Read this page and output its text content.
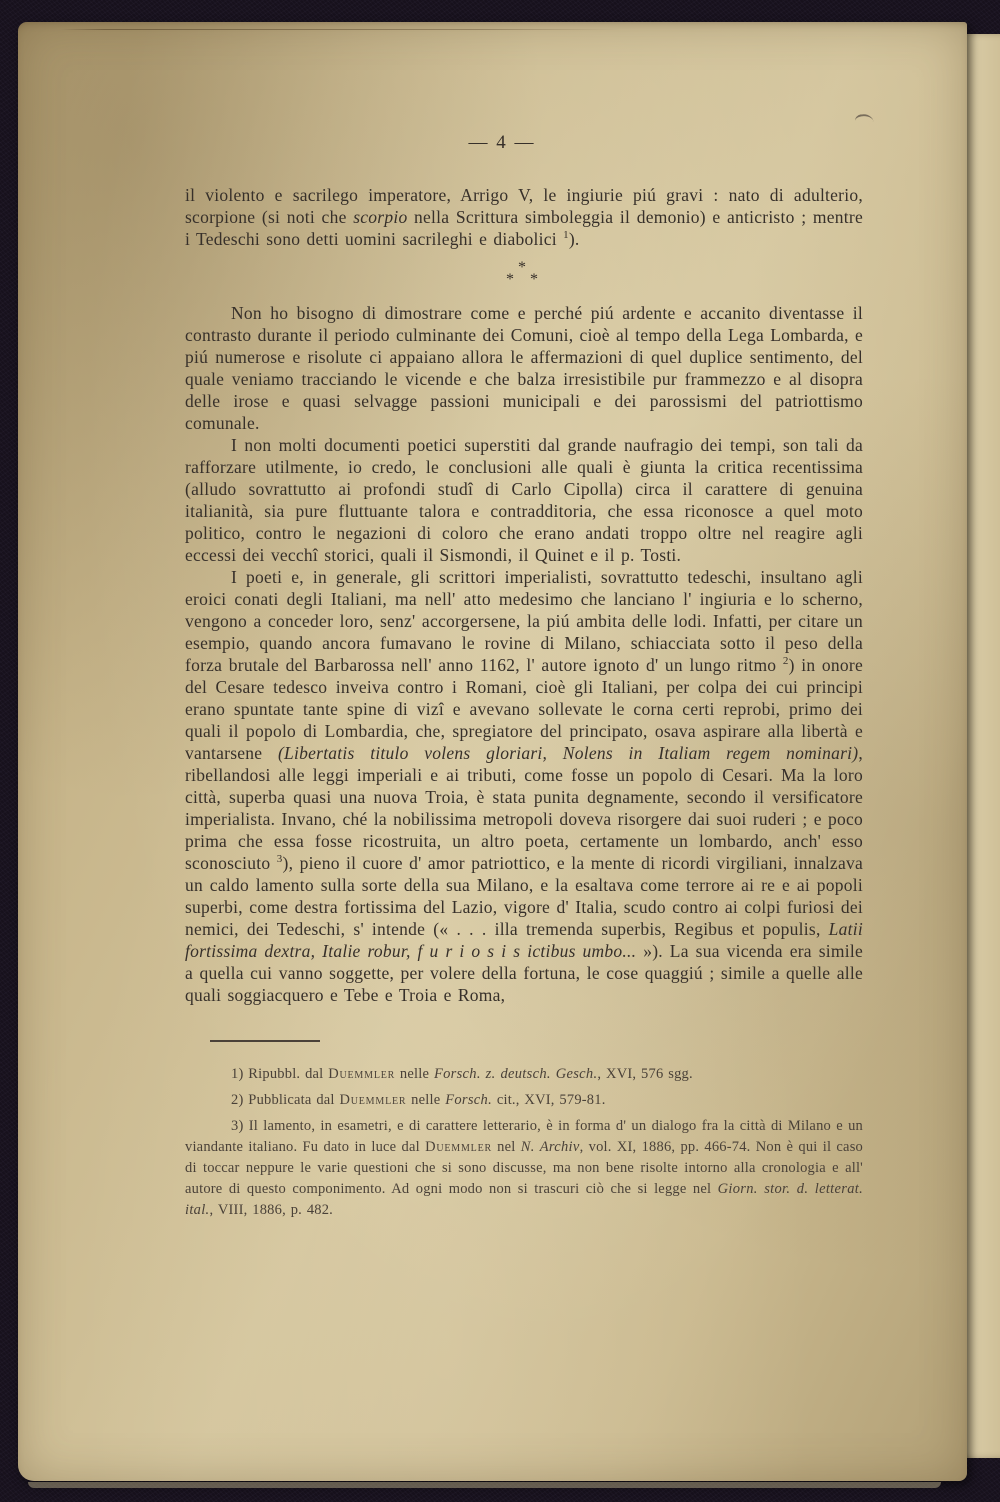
— 4 —

il violento e sacrilego imperatore, Arrigo V, le ingiurie piú gravi : nato di adulterio, scorpione (si noti che scorpio nella Scrittura simboleggia il demonio) e anticristo ; mentre i Tedeschi sono detti uomini sacrileghi e diabolici $^1$).

*
* *

Non ho bisogno di dimostrare come e perché piú ardente e accanito diventasse il contrasto durante il periodo culminante dei Comuni, cioè al tempo della Lega Lombarda, e piú numerose e risolute ci appaiano allora le affermazioni di quel duplice sentimento, del quale veniamo tracciando le vicende e che balza irresistibile pur frammezzo e al disopra delle irose e quasi selvagge passioni municipali e dei parossismi del patriottismo comunale.

I non molti documenti poetici superstiti dal grande naufragio dei tempi, son tali da rafforzare utilmente, io credo, le conclusioni alle quali è giunta la critica recentissima (alludo sovrattutto ai profondi studî di Carlo Cipolla) circa il carattere di genuina italianità, sia pure fluttuante talora e contradditoria, che essa riconosce a quel moto politico, contro le negazioni di coloro che erano andati troppo oltre nel reagire agli eccessi dei vecchî storici, quali il Sismondi, il Quinet e il p. Tosti.

I poeti e, in generale, gli scrittori imperialisti, sovrattutto tedeschi, insultano agli eroici conati degli Italiani, ma nell' atto medesimo che lanciano l' ingiuria e lo scherno, vengono a conceder loro, senz' accorgersene, la piú ambita delle lodi. Infatti, per citare un esempio, quando ancora fumavano le rovine di Milano, schiacciata sotto il peso della forza brutale del Barbarossa nell' anno 1162, l' autore ignoto d' un lungo ritmo $^2$) in onore del Cesare tedesco inveiva contro i Romani, cioè gli Italiani, per colpa dei cui principi erano spuntate tante spine di vizî e avevano sollevate le corna certi reprobi, primo dei quali il popolo di Lombardia, che, spregiatore del principato, osava aspirare alla libertà e vantarsene (Libertatis titulo volens gloriari, Nolens in Italiam regem nominari), ribellandosi alle leggi imperiali e ai tributi, come fosse un popolo di Cesari. Ma la loro città, superba quasi una nuova Troia, è stata punita degnamente, secondo il versificatore imperialista. Invano, ché la nobilissima metropoli doveva risorgere dai suoi ruderi ; e poco prima che essa fosse ricostruita, un altro poeta, certamente un lombardo, anch' esso sconosciuto $^3$), pieno il cuore d' amor patriottico, e la mente di ricordi virgiliani, innalzava un caldo lamento sulla sorte della sua Milano, e la esaltava come terrore ai re e ai popoli superbi, come destra fortissima del Lazio, vigore d' Italia, scudo contro ai colpi furiosi dei nemici, dei Tedeschi, s' intende (« . . . illa tremenda superbis, Regibus et populis, Latii fortissima dextra, Italie robur, f u r i o s i s ictibus umbo... »). La sua vicenda era simile a quella cui vanno soggette, per volere della fortuna, le cose quaggiú ; simile a quelle alle quali soggiacquero e Tebe e Troia e Roma,

1) Ripubbl. dal Duemmler nelle Forsch. z. deutsch. Gesch., XVI, 576 sgg.

2) Pubblicata dal Duemmler nelle Forsch. cit., XVI, 579-81.

3) Il lamento, in esametri, e di carattere letterario, è in forma d' un dialogo fra la città di Milano e un viandante italiano. Fu dato in luce dal Duemmler nel N. Archiv, vol. XI, 1886, pp. 466-74. Non è qui il caso di toccar neppure le varie questioni che si sono discusse, ma non bene risolte intorno alla cronologia e all' autore di questo componimento. Ad ogni modo non si trascuri ciò che si legge nel Giorn. stor. d. letterat. ital., VIII, 1886, p. 482.
